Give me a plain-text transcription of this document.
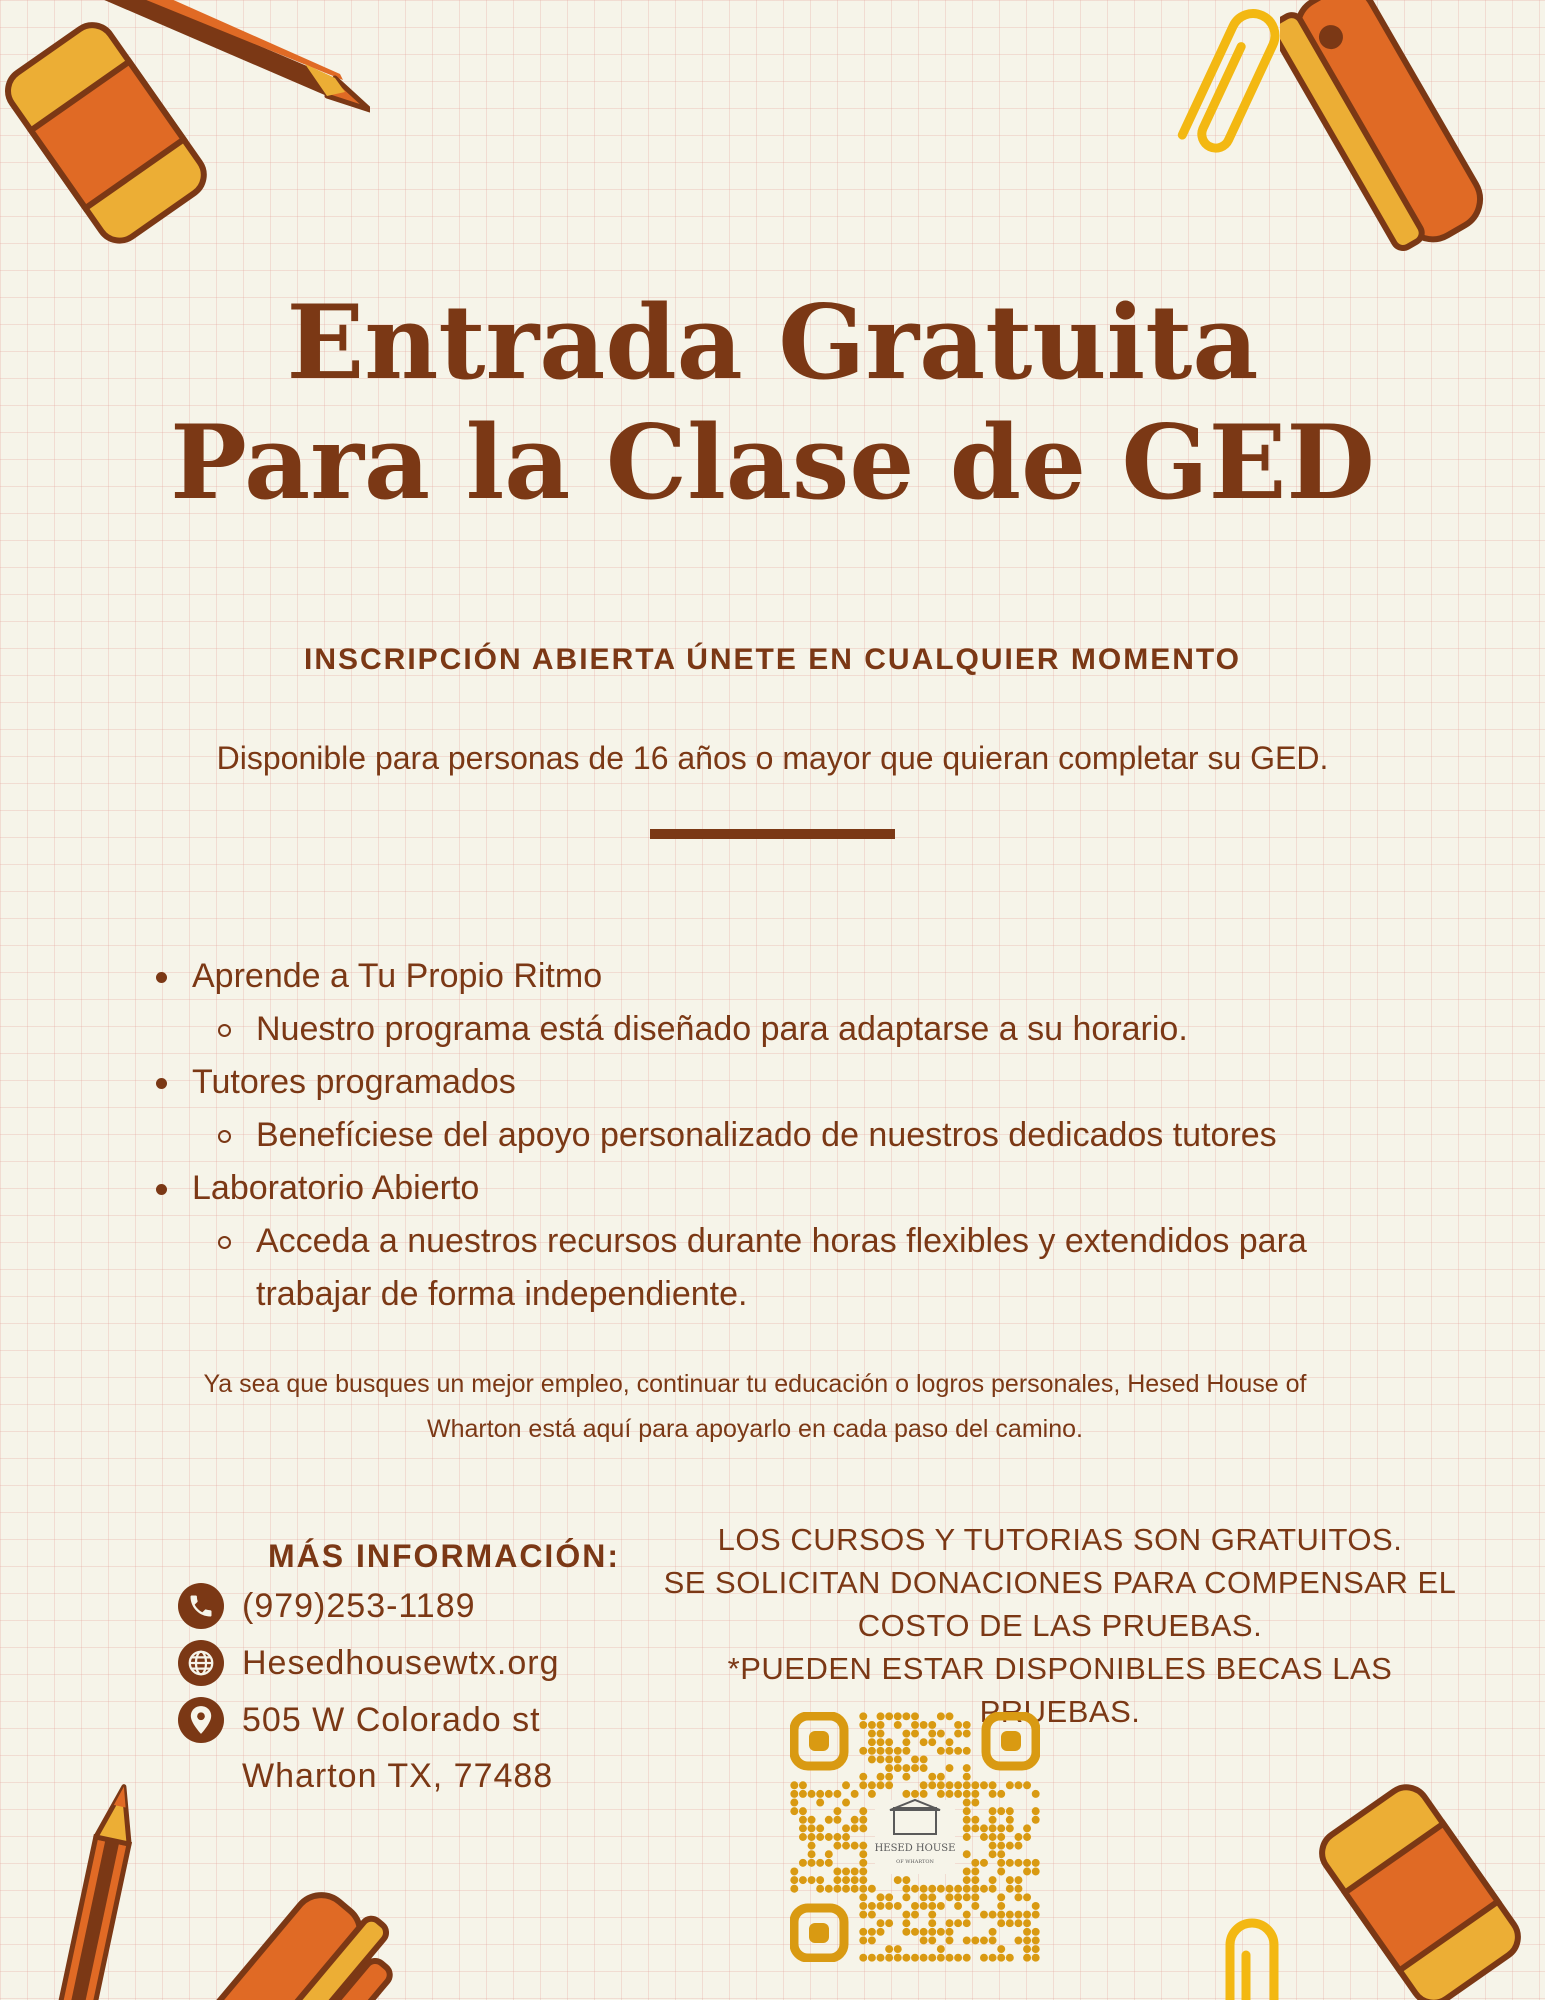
Entrada Gratuita
Para la Clase de GED
INSCRIPCIÓN ABIERTA ÚNETE EN CUALQUIER MOMENTO
Disponible para personas de 16 años o mayor que quieran completar su GED.
Aprende a Tu Propio Ritmo
Nuestro programa está diseñado para adaptarse a su horario.
Tutores programados
Benefíciese del apoyo personalizado de nuestros dedicados tutores
Laboratorio Abierto
Acceda a nuestros recursos durante horas flexibles y extendidos para trabajar de forma independiente.
Ya sea que busques un mejor empleo, continuar tu educación o logros personales, Hesed House of
Wharton está aquí para apoyarlo en cada paso del camino.
MÁS INFORMACIÓN:
(979)253-1189
Hesedhousewtx.org
505 W Colorado st
Wharton TX, 77488
LOS CURSOS Y TUTORIAS SON GRATUITOS.
SE SOLICITAN DONACIONES PARA COMPENSAR EL
COSTO DE LAS PRUEBAS.
*PUEDEN ESTAR DISPONIBLES BECAS LAS PRUEBAS.
HESED HOUSE
OF WHARTON
